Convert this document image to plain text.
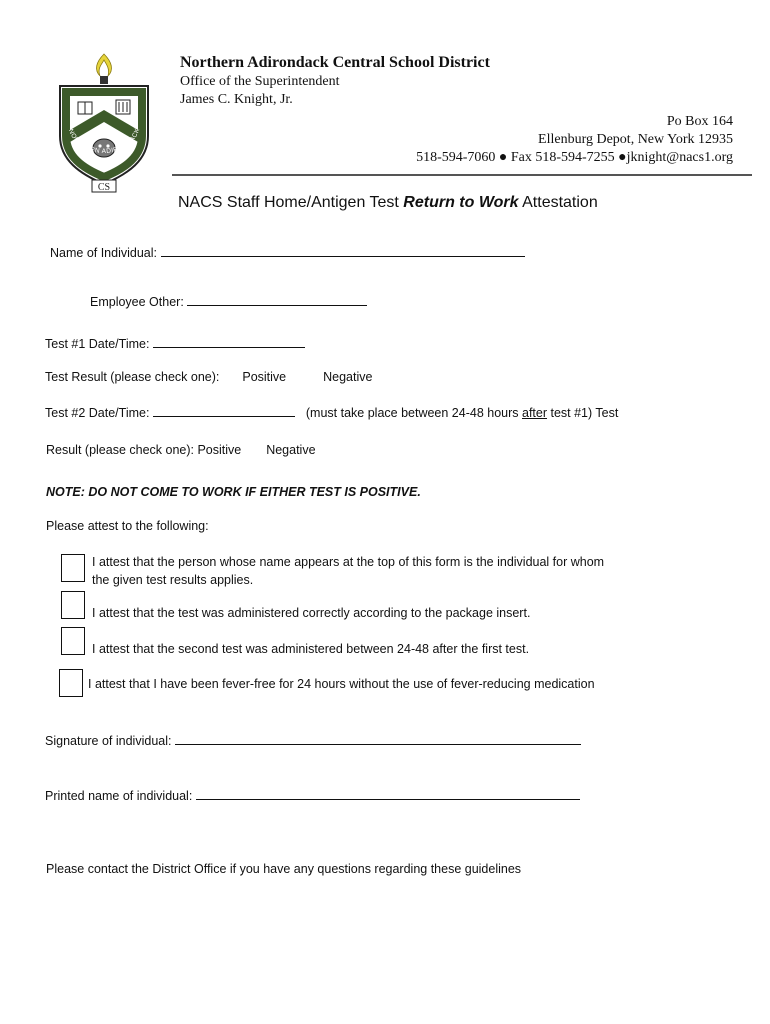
CS
NORTHERN ADIRONDACK
Northern Adirondack Central School District
Office of the Superintendent
James C. Knight, Jr.
Po Box 164
Ellenburg Depot, New York 12935
518-594-7060 ● Fax 518-594-7255 ●jknight@nacs1.org
NACS Staff Home/Antigen Test Return to Work Attestation
Name of Individual:
Employee Other:
Test #1 Date/Time:
Test Result (please check one): Positive	Negative
Test #2 Date/Time:	(must take place between 24-48 hours after test #1) Test
Result (please check one): Positive Negative
NOTE: DO NOT COME TO WORK IF EITHER TEST IS POSITIVE.
Please attest to the following:
I attest that the person whose name appears at the top of this form is the individual for whom
the given test results applies.
I attest that the test was administered correctly according to the package insert.
I attest that the second test was administered between 24-48 after the first test.
I attest that I have been fever-free for 24 hours without the use of fever-reducing medication
Signature of individual:
Printed name of individual:
Please contact the District Office if you have any questions regarding these guidelines
